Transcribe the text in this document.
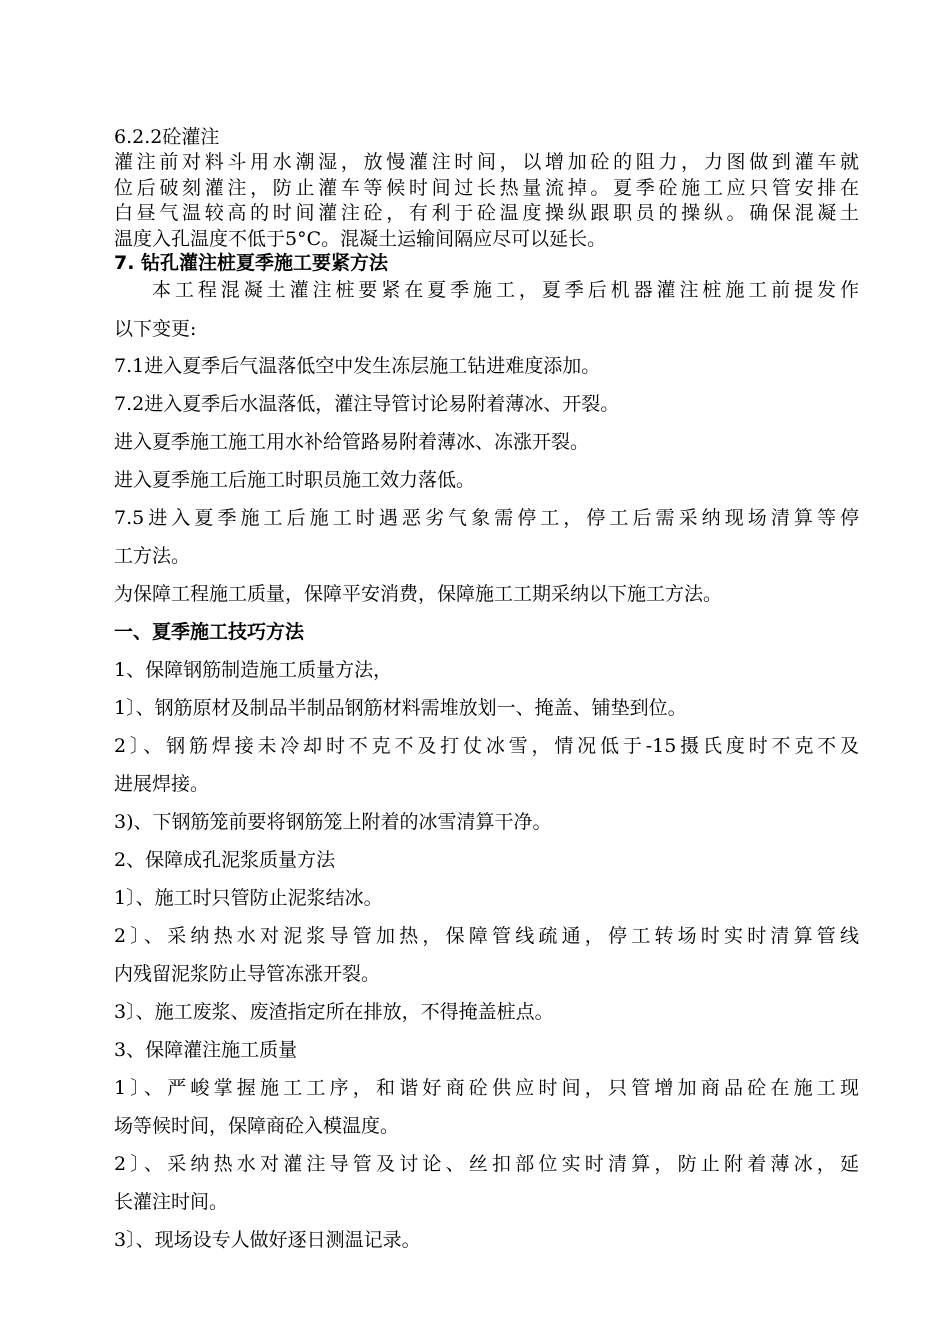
6.2.2砼灌注
灌注前对料斗用水潮湿，放慢灌注时间，以增加砼的阻力，力图做到灌车就
位后破刻灌注，防止灌车等候时间过长热量流掉。夏季砼施工应只管安排在
白昼气温较高的时间灌注砼，有利于砼温度操纵跟职员的操纵。确保混凝土
温度入孔温度不低于5°C。混凝土运输间隔应尽可以延长。
7. 钻孔灌注桩夏季施工要紧方法
本工程混凝土灌注桩要紧在夏季施工，夏季后机器灌注桩施工前提发作
以下变更:
7.1进入夏季后气温落低空中发生冻层施工钻进难度添加。
7.2进入夏季后水温落低，灌注导管讨论易附着薄冰、开裂。
进入夏季施工施工用水补给管路易附着薄冰、冻涨开裂。
进入夏季施工后施工时职员施工效力落低。
7.5进入夏季施工后施工时遇恶劣气象需停工，停工后需采纳现场清算等停
工方法。
为保障工程施工质量，保障平安消费，保障施工工期采纳以下施工方法。
一、夏季施工技巧方法
1、保障钢筋制造施工质量方法，
1〕、钢筋原材及制品半制品钢筋材料需堆放划一、掩盖、铺垫到位。
2〕、钢筋焊接未冷却时不克不及打仗冰雪，情况低于-15摄氏度时不克不及
进展焊接。
3)、下钢筋笼前要将钢筋笼上附着的冰雪清算干净。
2、保障成孔泥浆质量方法
1〕、施工时只管防止泥浆结冰。
2〕、采纳热水对泥浆导管加热，保障管线疏通，停工转场时实时清算管线
内残留泥浆防止导管冻涨开裂。
3〕、施工废浆、废渣指定所在排放，不得掩盖桩点。
3、保障灌注施工质量
1〕、严峻掌握施工工序，和谐好商砼供应时间，只管增加商品砼在施工现
场等候时间，保障商砼入模温度。
2〕、采纳热水对灌注导管及讨论、丝扣部位实时清算，防止附着薄冰，延
长灌注时间。
3〕、现场设专人做好逐日测温记录。
